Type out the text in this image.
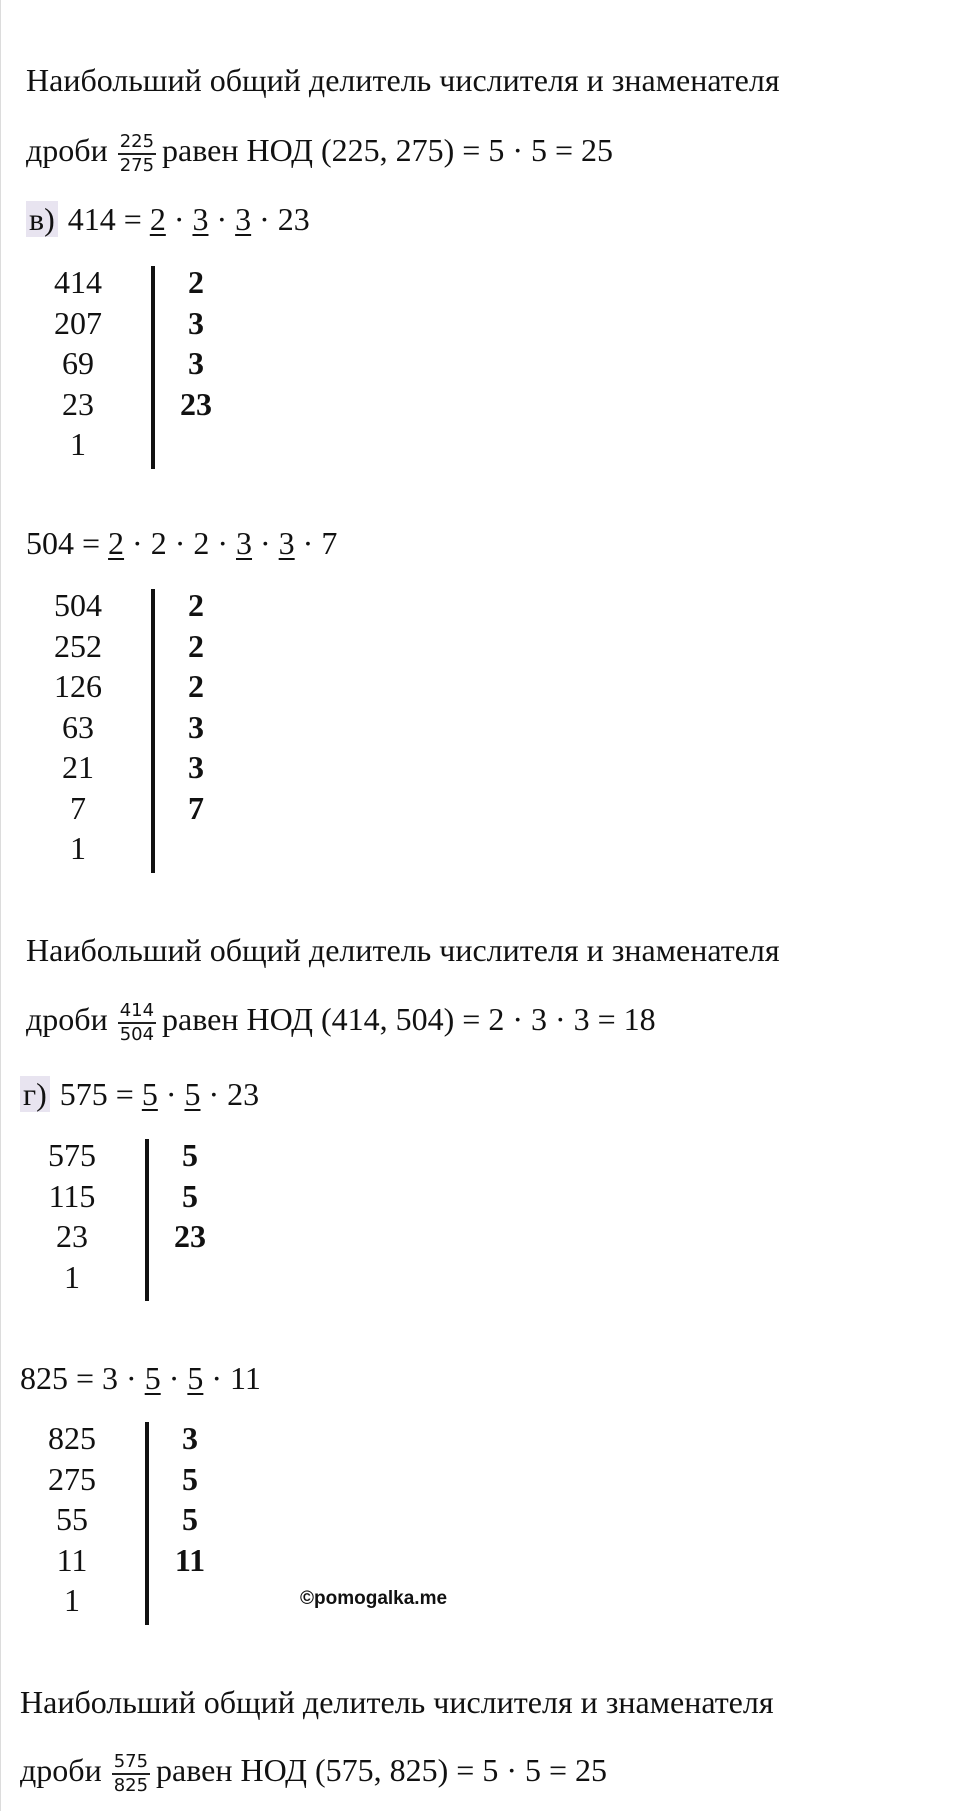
Наибольший общий делитель числителя и знаменателя
дроби $\frac{225}{275}$ равен НОД (225, 275) = 5 · 5 = 25
в) 414 = 2 · 3 · 3 · 23
414
207
69
23
1
2
3
3
23
504 = 2 · 2 · 2 · 3 · 3 · 7
504
252
126
63
21
7
1
2
2
2
3
3
7
Наибольший общий делитель числителя и знаменателя
дроби $\frac{414}{504}$ равен НОД (414, 504) = 2 · 3 · 3 = 18
г) 575 = 5 · 5 · 23
575
115
23
1
5
5
23
825 = 3 · 5 · 5 · 11
825
275
55
11
1
3
5
5
11
Наибольший общий делитель числителя и знаменателя
дроби $\frac{575}{825}$ равен НОД (575, 825) = 5 · 5 = 25
©pomogalka.me
